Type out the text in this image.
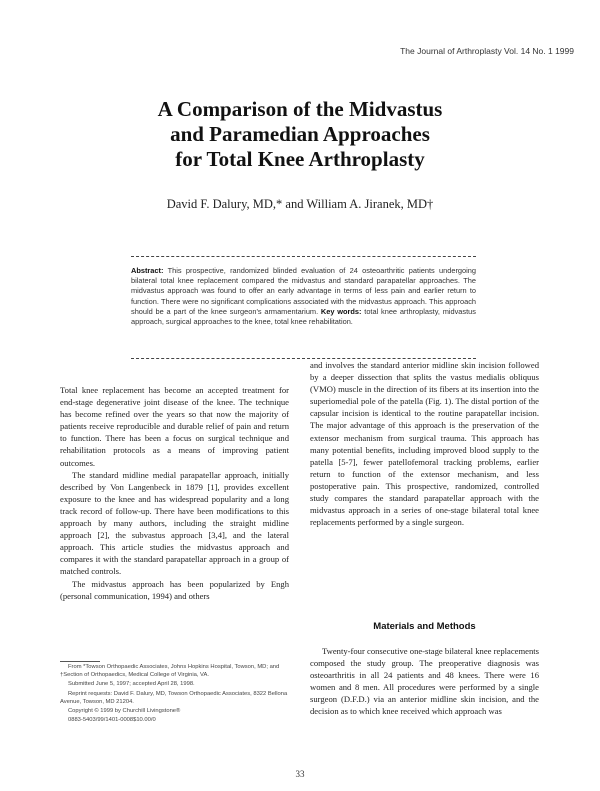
The Journal of Arthroplasty Vol. 14 No. 1 1999
A Comparison of the Midvastus
and Paramedian Approaches
for Total Knee Arthroplasty
David F. Dalury, MD,* and William A. Jiranek, MD†
Abstract: This prospective, randomized blinded evaluation of 24 osteoarthritic patients undergoing bilateral total knee replacement compared the midvastus and standard parapatellar approaches. The midvastus approach was found to offer an early advantage in terms of less pain and earlier return to function. There were no significant complications associated with the midvastus approach. This approach should be a part of the knee surgeon's armamentarium. Key words: total knee arthroplasty, midvastus approach, surgical approaches to the knee, total knee rehabilitation.

Total knee replacement has become an accepted treatment for end-stage degenerative joint disease of the knee. The technique has become refined over the years so that now the majority of patients receive reproducible and durable relief of pain and return to function. There has been a focus on surgical technique and rehabilitation protocols as a means of improving patient outcomes.

The standard midline medial parapatellar approach, initially described by Von Langenbeck in 1879 [1], provides excellent exposure to the knee and has widespread popularity and a long track record of follow-up. There have been modifications to this approach by many authors, including the straight midline approach [2], the subvastus approach [3,4], and the lateral approach. This article studies the midvastus approach and compares it with the standard parapatellar approach in a group of matched controls.

The midvastus approach has been popularized by Engh (personal communication, 1994) and others

From *Towson Orthopaedic Associates, Johns Hopkins Hospital, Towson, MD; and †Section of Orthopaedics, Medical College of Virginia, VA.

Submitted June 5, 1997; accepted April 28, 1998.

Reprint requests: David F. Dalury, MD, Towson Orthopaedic Associates, 8322 Bellona Avenue, Towson, MD 21204.

Copyright © 1999 by Churchill Livingstone®

0883-5403/99/1401-0008$10.00/0

and involves the standard anterior midline skin incision followed by a deeper dissection that splits the vastus medialis obliquus (VMO) muscle in the direction of its fibers at its insertion into the superiomedial pole of the patella (Fig. 1). The distal portion of the capsular incision is identical to the routine parapatellar incision. The major advantage of this approach is the preservation of the extensor mechanism from surgical trauma. This approach has many potential benefits, including improved blood supply to the patella [5-7], fewer patellofemoral tracking problems, earlier return to function of the extensor mechanism, and less postoperative pain. This prospective, randomized, controlled study compares the standard parapatellar approach with the midvastus approach in a series of one-stage bilateral total knee replacements performed by a single surgeon.

Materials and Methods

Twenty-four consecutive one-stage bilateral knee replacements composed the study group. The preoperative diagnosis was osteoarthritis in all 24 patients and 48 knees. There were 16 women and 8 men. All procedures were performed by a single surgeon (D.F.D.) via an anterior midline skin incision, and the decision as to which knee received which approach was

33
